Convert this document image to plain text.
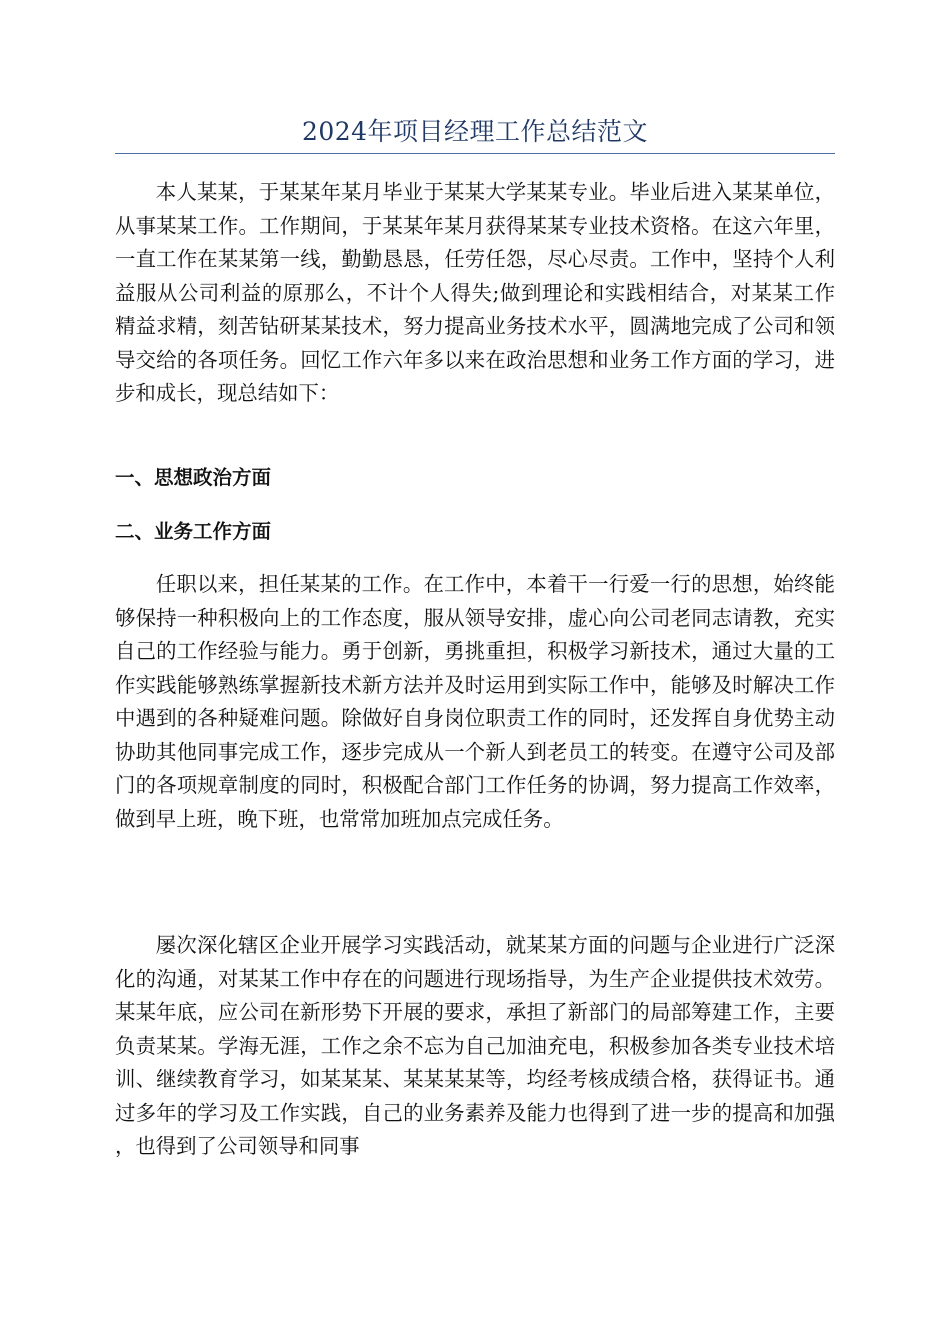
2024年项目经理工作总结范文

本人某某，于某某年某月毕业于某某大学某某专业。毕业后进入某某单位，从事某某工作。工作期间，于某某年某月获得某某专业技术资格。在这六年里，一直工作在某某第一线，勤勤恳恳，任劳任怨，尽心尽责。工作中，坚持个人利益服从公司利益的原那么，不计个人得失;做到理论和实践相结合，对某某工作精益求精，刻苦钻研某某技术，努力提高业务技术水平，圆满地完成了公司和领导交给的各项任务。回忆工作六年多以来在政治思想和业务工作方面的学习，进步和成长，现总结如下：

一、思想政治方面

二、业务工作方面

任职以来，担任某某的工作。在工作中，本着干一行爱一行的思想，始终能够保持一种积极向上的工作态度，服从领导安排，虚心向公司老同志请教，充实自己的工作经验与能力。勇于创新，勇挑重担，积极学习新技术，通过大量的工作实践能够熟练掌握新技术新方法并及时运用到实际工作中，能够及时解决工作中遇到的各种疑难问题。除做好自身岗位职责工作的同时，还发挥自身优势主动协助其他同事完成工作，逐步完成从一个新人到老员工的转变。在遵守公司及部门的各项规章制度的同时，积极配合部门工作任务的协调，努力提高工作效率，做到早上班，晚下班，也常常加班加点完成任务。

屡次深化辖区企业开展学习实践活动，就某某方面的问题与企业进行广泛深化的沟通，对某某工作中存在的问题进行现场指导，为生产企业提供技术效劳。某某年底，应公司在新形势下开展的要求，承担了新部门的局部筹建工作，主要负责某某。学海无涯，工作之余不忘为自己加油充电，积极参加各类专业技术培训、继续教育学习，如某某某、某某某某等，均经考核成绩合格，获得证书。通过多年的学习及工作实践，自己的业务素养及能力也得到了进一步的提高和加强，也得到了公司领导和同事
